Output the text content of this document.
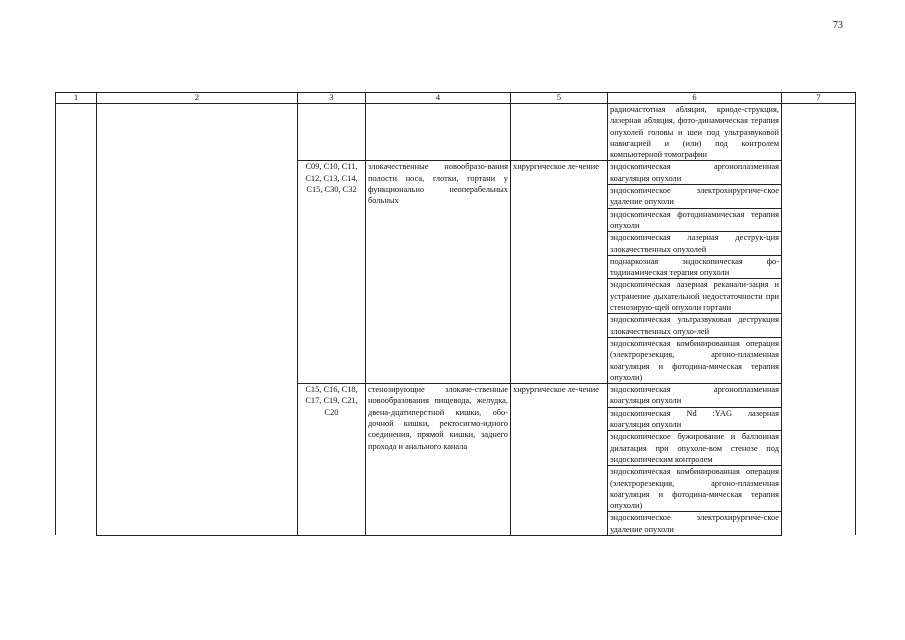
73
1	2	3	4	5	6	7
					радиочастотная абляция, криоде-струкция, лазерная абляция, фото-динамическая терапия опухолей головы и шеи под ультразвуковой навигацией и (или) под контролем компьютерной томографии	
		C09, C10, C11, C12, C13, C14, C15, C30, C32	злокачественные новообразо-вания полости носа, глотки, гортани у функционально неоперабельных больных	хирургическое ле-чение	эндоскопическая аргоноплазменная коагуляция опухоли	
					эндоскопическое электрохирургиче-ское удаление опухоли	
					эндоскопическая фотодинамическая терапия опухоли	
					эндоскопическая лазерная деструк-ция злокачественных опухолей	
					поднаркозная эндоскопическая фо-тодинамическая терапия опухоли	
					эндоскопическая лазерная реканали-зация и устранение дыхательной недостаточности при стенозирую-щей опухоли гортани	
					эндоскопическая ультразвуковая деструкция злокачественных опухо-лей	
					эндоскопическая комбинированная операция (электрорезекция, аргоно-плазменная коагуляция и фотодина-мическая терапия опухоли)	
		C15, C16, C18, C17, C19, C21, C20	стенозирующие злокаче-ственные новообразования пищевода, желудка, двена-дцатиперстной кишки, обо-дочной кишки, ректосигмо-идного соединения, прямой кишки, заднего прохода и анального канала	хирургическое ле-чение	эндоскопическая аргоноплазменная коагуляция опухоли	
					эндоскопическая Nd :YAG лазерная коагуляция опухоли	
					эндоскопическое бужирование и баллонная дилатация при опухоле-вом стенозе под эндоскопическим контролем	
					эндоскопическая комбинированная операция (электрорезекция, аргоно-плазменная коагуляция и фотодина-мическая терапия опухоли)	
					эндоскопическое электрохирургиче-ское удаление опухоли	
